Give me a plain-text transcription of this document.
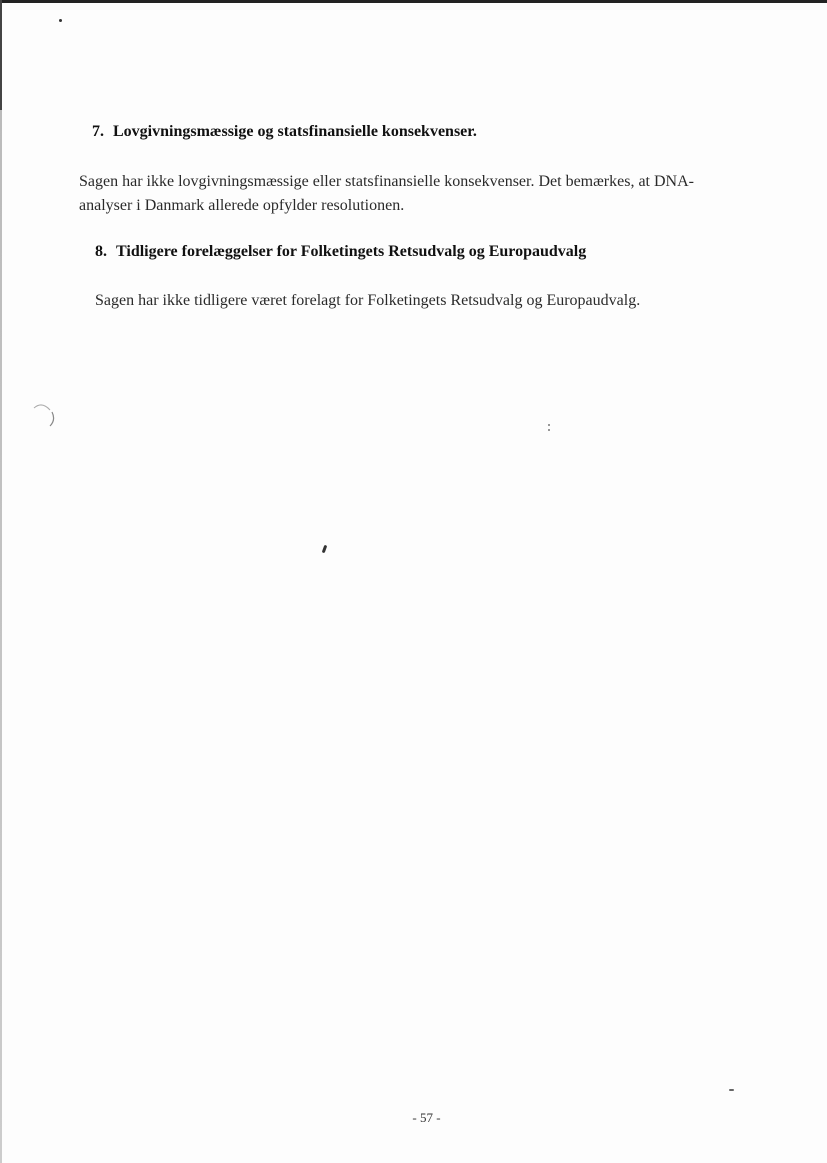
7. Lovgivningsmæssige og statsfinansielle konsekvenser.
Sagen har ikke lovgivningsmæssige eller statsfinansielle konsekvenser. Det bemærkes, at DNA-
analyser i Danmark allerede opfylder resolutionen.
8. Tidligere forelæggelser for Folketingets Retsudvalg og Europaudvalg
Sagen har ikke tidligere været forelagt for Folketingets Retsudvalg og Europaudvalg.
- 57 -
